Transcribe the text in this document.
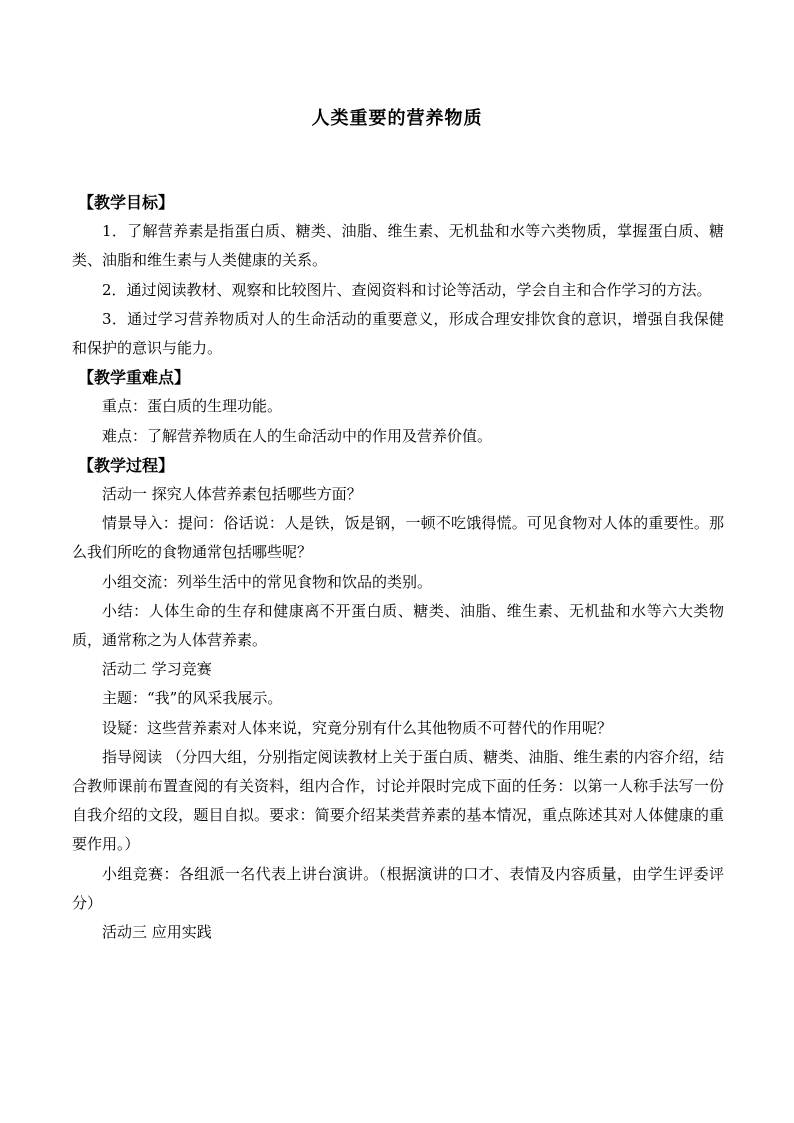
人类重要的营养物质
【教学目标】

1．了解营养素是指蛋白质、糖类、油脂、维生素、无机盐和水等六类物质，掌握蛋白质、糖类、油脂和维生素与人类健康的关系。

2．通过阅读教材、观察和比较图片、查阅资料和讨论等活动，学会自主和合作学习的方法。

3．通过学习营养物质对人的生命活动的重要意义，形成合理安排饮食的意识，增强自我保健和保护的意识与能力。

【教学重难点】

重点：蛋白质的生理功能。

难点：了解营养物质在人的生命活动中的作用及营养价值。

【教学过程】

活动一 探究人体营养素包括哪些方面？

情景导入：提问：俗话说：人是铁，饭是钢，一顿不吃饿得慌。可见食物对人体的重要性。那么我们所吃的食物通常包括哪些呢？

小组交流：列举生活中的常见食物和饮品的类别。

小结：人体生命的生存和健康离不开蛋白质、糖类、油脂、维生素、无机盐和水等六大类物质，通常称之为人体营养素。

活动二 学习竞赛

主题：“我”的风采我展示。

设疑：这些营养素对人体来说，究竟分别有什么其他物质不可替代的作用呢？

指导阅读 （分四大组，分别指定阅读教材上关于蛋白质、糖类、油脂、维生素的内容介绍，结合教师课前布置查阅的有关资料，组内合作，讨论并限时完成下面的任务：以第一人称手法写一份自我介绍的文段，题目自拟。要求：简要介绍某类营养素的基本情况，重点陈述其对人体健康的重要作用。）

小组竞赛：各组派一名代表上讲台演讲。（根据演讲的口才、表情及内容质量，由学生评委评分）

活动三 应用实践
